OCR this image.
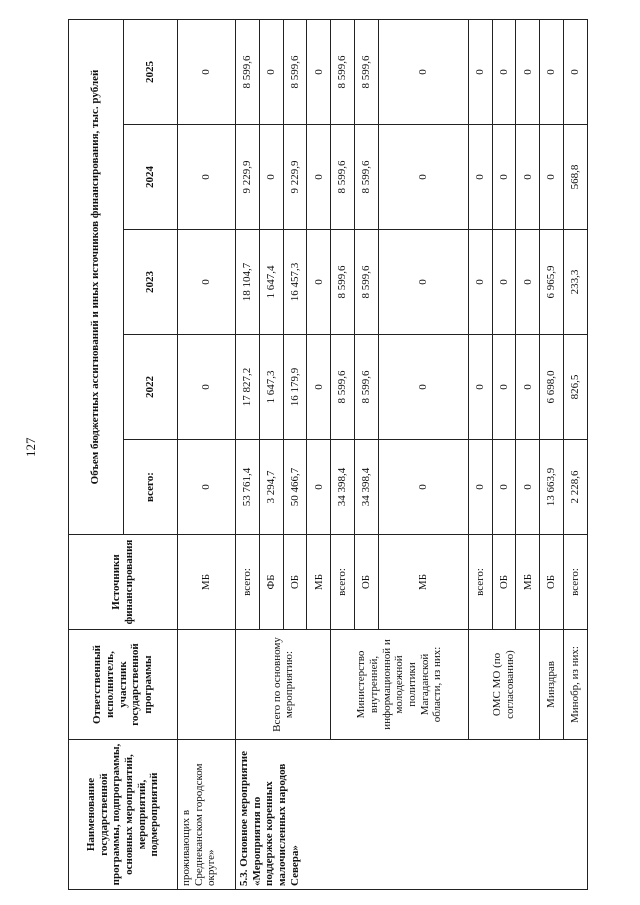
127
Наименование государственной программы, подпрограммы, основных мероприятий, мероприятий, подмероприятий	Ответственный исполнитель, участник государственной программы	Источники финансирования	Объем бюджетных ассигнований и иных источников финансирования, тыс. рублей				
			всего:	2022	2023	2024	2025
проживающих в Среднеканском городском округе»		МБ	0	0	0	0	0
5.3. Основное мероприятие «Мероприятия по поддержке коренных малочисленных народов Севера»	Всего по основному мероприятию:	всего:	53 761,4	17 827,2	18 104,7	9 229,9	8 599,6
		ФБ	3 294,7	1 647,3	1 647,4	0	0
		ОБ	50 466,7	16 179,9	16 457,3	9 229,9	8 599,6
		МБ	0	0	0	0	0
	Министерство внутренней, информационной и молодежной политики Магаданской области, из них:	всего:	34 398,4	8 599,6	8 599,6	8 599,6	8 599,6
		ОБ	34 398,4	8 599,6	8 599,6	8 599,6	8 599,6
		МБ	0	0	0	0	0
	ОМС МО (по согласованию)	всего:	0	0	0	0	0
		ОБ	0	0	0	0	0
		МБ	0	0	0	0	0
	Минздрав	ОБ	13 663,9	6 698,0	6 965,9	0	0
	Минобр, из них:	всего:	2 228,6	826,5	233,3	568,8	0
